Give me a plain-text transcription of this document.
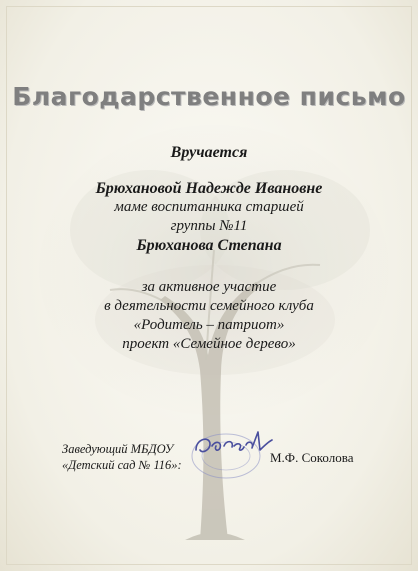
Благодарственное письмо
Вручается
Брюхановой Надежде Ивановне
маме воспитанника старшей
группы №11
Брюханова Степана
за активное участие
в деятельности семейного клуба
«Родитель – патриот»
проект «Семейное дерево»
Заведующий МБДОУ
«Детский сад № 116»:	М.Ф. Соколова
